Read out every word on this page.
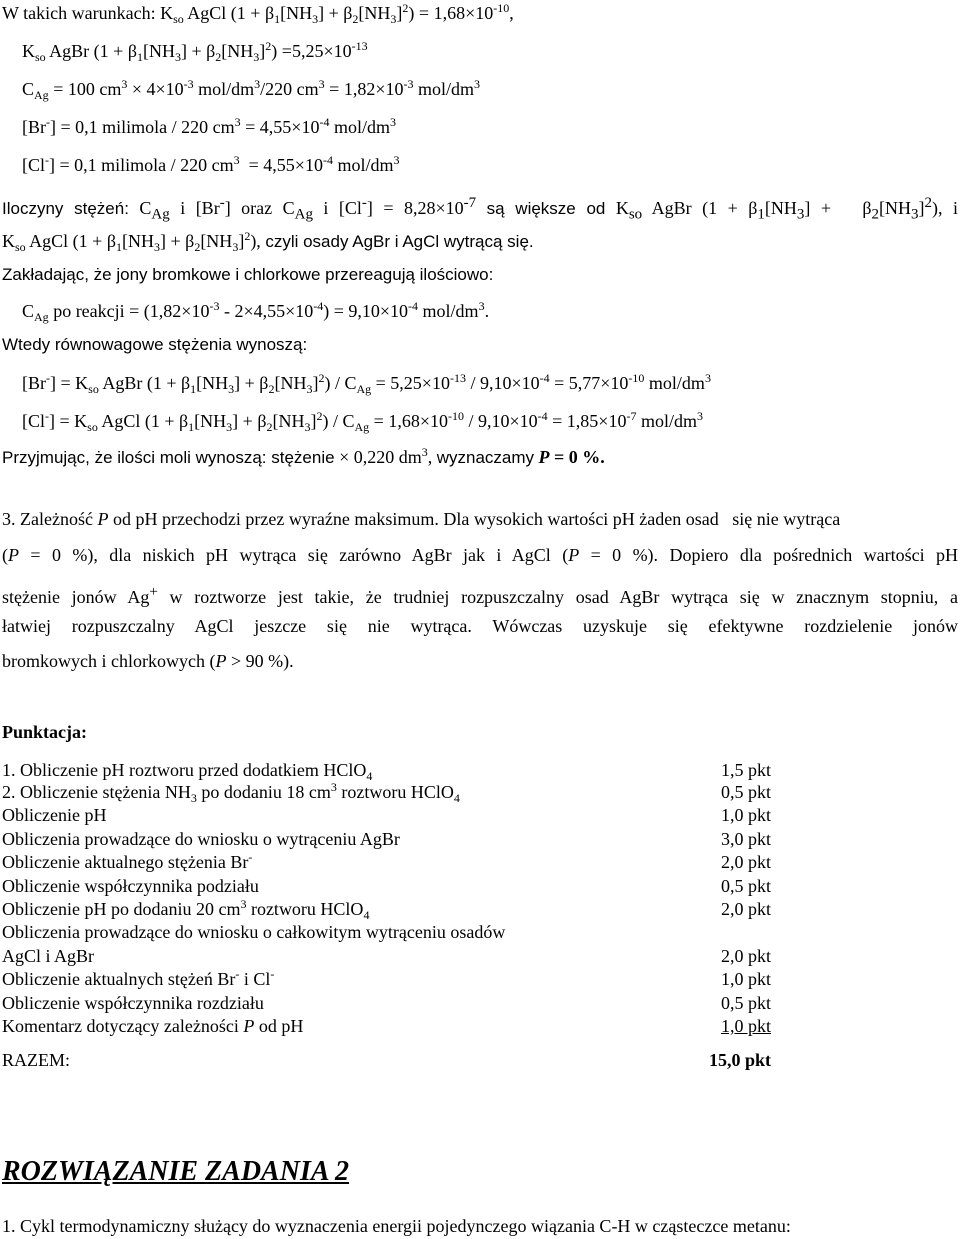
W takich warunkach: $K_{so}$ AgCl $(1 + \beta_1[NH_3] + \beta_2[NH_3]^2) = 1,68\times 10^{-10}$,
$K_{so}$ AgBr $(1 + \beta_1[NH_3] + \beta_2[NH_3]^2) =5,25\times 10^{-13}$
$C_{Ag} = 100$ $cm^3 \times 4\times 10^{-3}$ mol/$dm^3/220$ $cm^3 = 1,82\times 10^{-3}$ mol/$dm^3$
[Br-] = 0,1 milimola / 220 $cm^3 = 4,55\times 10^{-4}$ mol/$dm^3$
[Cl-] = 0,1 milimola / 220 $cm^3 = 4,55\times 10^{-4}$ mol/$dm^3$
Iloczyny stężeń: $C_{Ag}$ i [Br-] oraz $C_{Ag}$ i $[Cl^-] = 8,28\times 10^{-7}$ są większe od $K_{so}$ AgBr $(1 + \beta_1[NH_3] + \beta_2[NH_3]^2)$, i
$K_{so}$ AgCl $(1 + \beta_1[NH_3] + \beta_2[NH_3]^2)$, czyli osady AgBr i AgCl wytrącą się.
Zakładając, że jony bromkowe i chlorkowe przereagują ilościowo:
$C_{Ag}$ po reakcji = $(1,82\times 10^{-3} - 2\times 4,55\times 10^{-4}) = 9,10\times 10^{-4}$ mol/$dm^3$.
Wtedy równowagowe stężenia wynoszą:
$[Br^-] = K_{so}$ AgBr $(1 + \beta_1[NH_3] + \beta_2[NH_3]^2) / C_{Ag} = 5,25\times 10^{-13} / 9,10\times 10^{-4} = 5,77\times 10^{-10}$ mol/$dm^3$
$[Cl^-] = K_{so}$ AgCl $(1 + \beta_1[NH_3] + \beta_2[NH_3]^2) / C_{Ag} = 1,68\times 10^{-10} / 9,10\times 10^{-4} = 1,85\times 10^{-7}$ mol/$dm^3$
Przyjmując, że ilości moli wynoszą: stężenie × 0,220 $dm^3$, wyznaczamy P = 0 %.
3. Zależność P od pH przechodzi przez wyraźne maksimum. Dla wysokich wartości pH żaden osad   się nie wytrąca
(P = 0 %), dla niskich pH wytrąca się zarówno AgBr jak i AgCl (P = 0 %). Dopiero dla pośrednich wartości pH
stężenie jonów Ag+ w roztworze jest takie, że trudniej rozpuszczalny osad AgBr wytrąca się w znacznym stopniu, a
łatwiej rozpuszczalny AgCl jeszcze się nie wytrąca. Wówczas uzyskuje się efektywne rozdzielenie jonów
bromkowych i chlorkowych (P > 90 %).
Punktacja:
1. Obliczenie pH roztworu przed dodatkiem HClO$_4$	1,5 pkt
2. Obliczenie stężenia $NH_3$ po dodaniu 18 $cm^3$ roztworu HClO$_4$	0,5 pkt
Obliczenie pH	1,0 pkt
Obliczenia prowadzące do wniosku o wytrąceniu AgBr	3,0 pkt
Obliczenie aktualnego stężenia Br-	2,0 pkt
Obliczenie współczynnika podziału	0,5 pkt
Obliczenie pH po dodaniu 20 $cm^3$ roztworu HClO$_4$	2,0 pkt
Obliczenia prowadzące do wniosku o całkowitym wytrąceniu osadów
AgCl i AgBr	2,0 pkt
Obliczenie aktualnych stężeń Br- i Cl-	1,0 pkt
Obliczenie współczynnika rozdziału	0,5 pkt
Komentarz dotyczący zależności P od pH	1,0 pkt
RAZEM:	15,0 pkt
ROZWIĄZANIE ZADANIA 2
1. Cykl termodynamiczny służący do wyznaczenia energii pojedynczego wiązania C-H w cząsteczce metanu:
